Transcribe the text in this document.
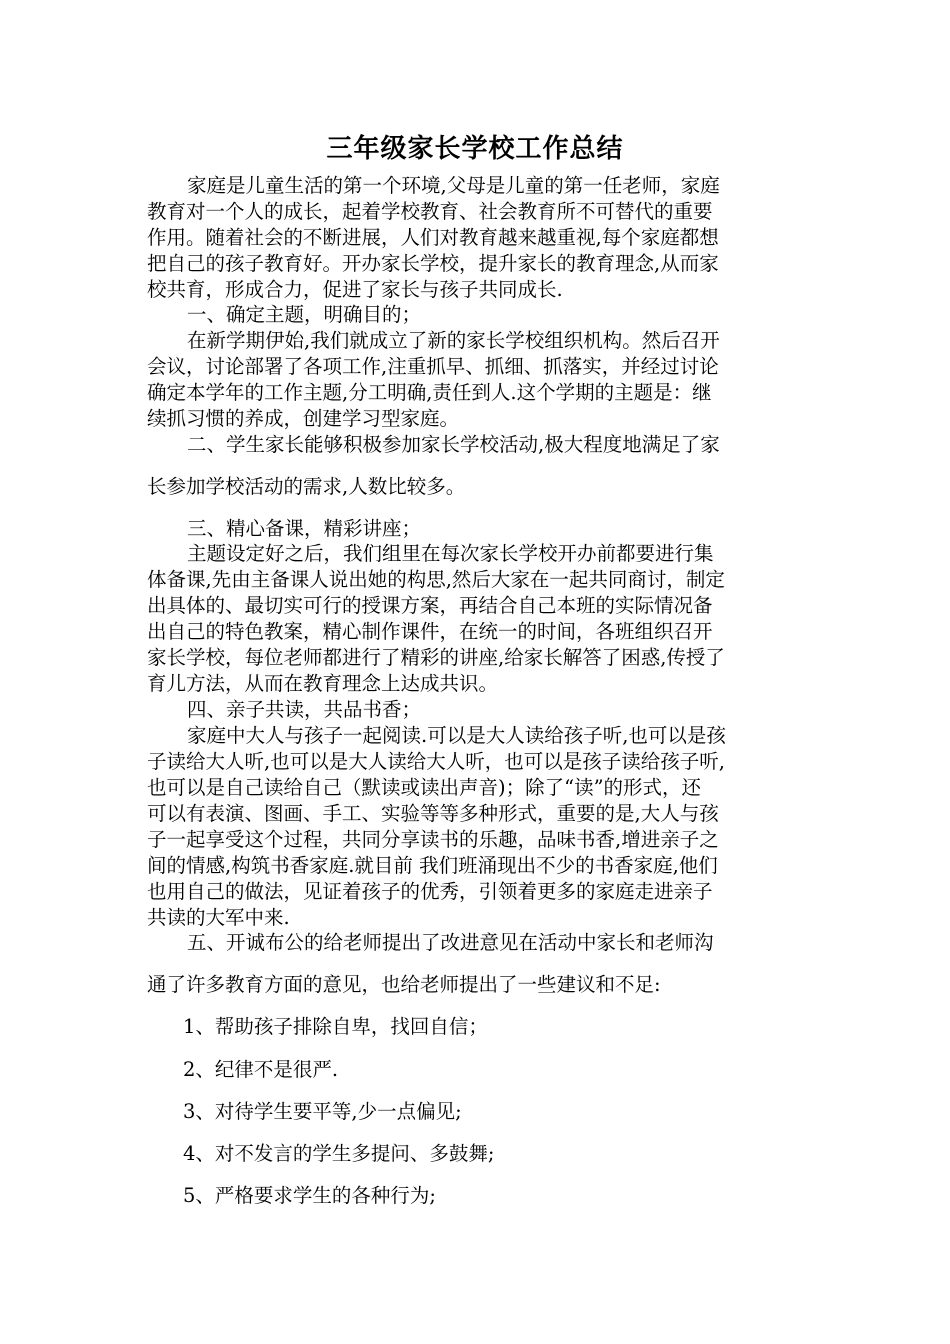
三年级家长学校工作总结
家庭是儿童生活的第一个环境,父母是儿童的第一任老师，家庭
教育对一个人的成长，起着学校教育、社会教育所不可替代的重要
作用。随着社会的不断进展，人们对教育越来越重视,每个家庭都想
把自己的孩子教育好。开办家长学校，提升家长的教育理念,从而家
校共育，形成合力，促进了家长与孩子共同成长.
一、确定主题，明确目的；
在新学期伊始,我们就成立了新的家长学校组织机构。然后召开
会议，讨论部署了各项工作,注重抓早、抓细、抓落实，并经过讨论
确定本学年的工作主题,分工明确,责任到人.这个学期的主题是：继
续抓习惯的养成，创建学习型家庭。
二、学生家长能够积极参加家长学校活动,极大程度地满足了家
长参加学校活动的需求,人数比较多。
三、精心备课，精彩讲座；
主题设定好之后，我们组里在每次家长学校开办前都要进行集
体备课,先由主备课人说出她的构思,然后大家在一起共同商讨，制定
出具体的、最切实可行的授课方案，再结合自己本班的实际情况备
出自己的特色教案，精心制作课件，在统一的时间，各班组织召开
家长学校，每位老师都进行了精彩的讲座,给家长解答了困惑,传授了
育儿方法，从而在教育理念上达成共识。
四、亲子共读，共品书香；
家庭中大人与孩子一起阅读.可以是大人读给孩子听,也可以是孩
子读给大人听,也可以是大人读给大人听，也可以是孩子读给孩子听,
也可以是自己读给自己（默读或读出声音)；除了“读”的形式，还
可以有表演、图画、手工、实验等等多种形式，重要的是,大人与孩
子一起享受这个过程，共同分享读书的乐趣，品味书香,增进亲子之
间的情感,构筑书香家庭.就目前 我们班涌现出不少的书香家庭,他们
也用自己的做法，见证着孩子的优秀，引领着更多的家庭走进亲子
共读的大军中来.
五、开诚布公的给老师提出了改进意见在活动中家长和老师沟
通了许多教育方面的意见，也给老师提出了一些建议和不足:
1、帮助孩子排除自卑，找回自信；
2、纪律不是很严.
3、对待学生要平等,少一点偏见;
4、对不发言的学生多提问、多鼓舞;
5、严格要求学生的各种行为;
